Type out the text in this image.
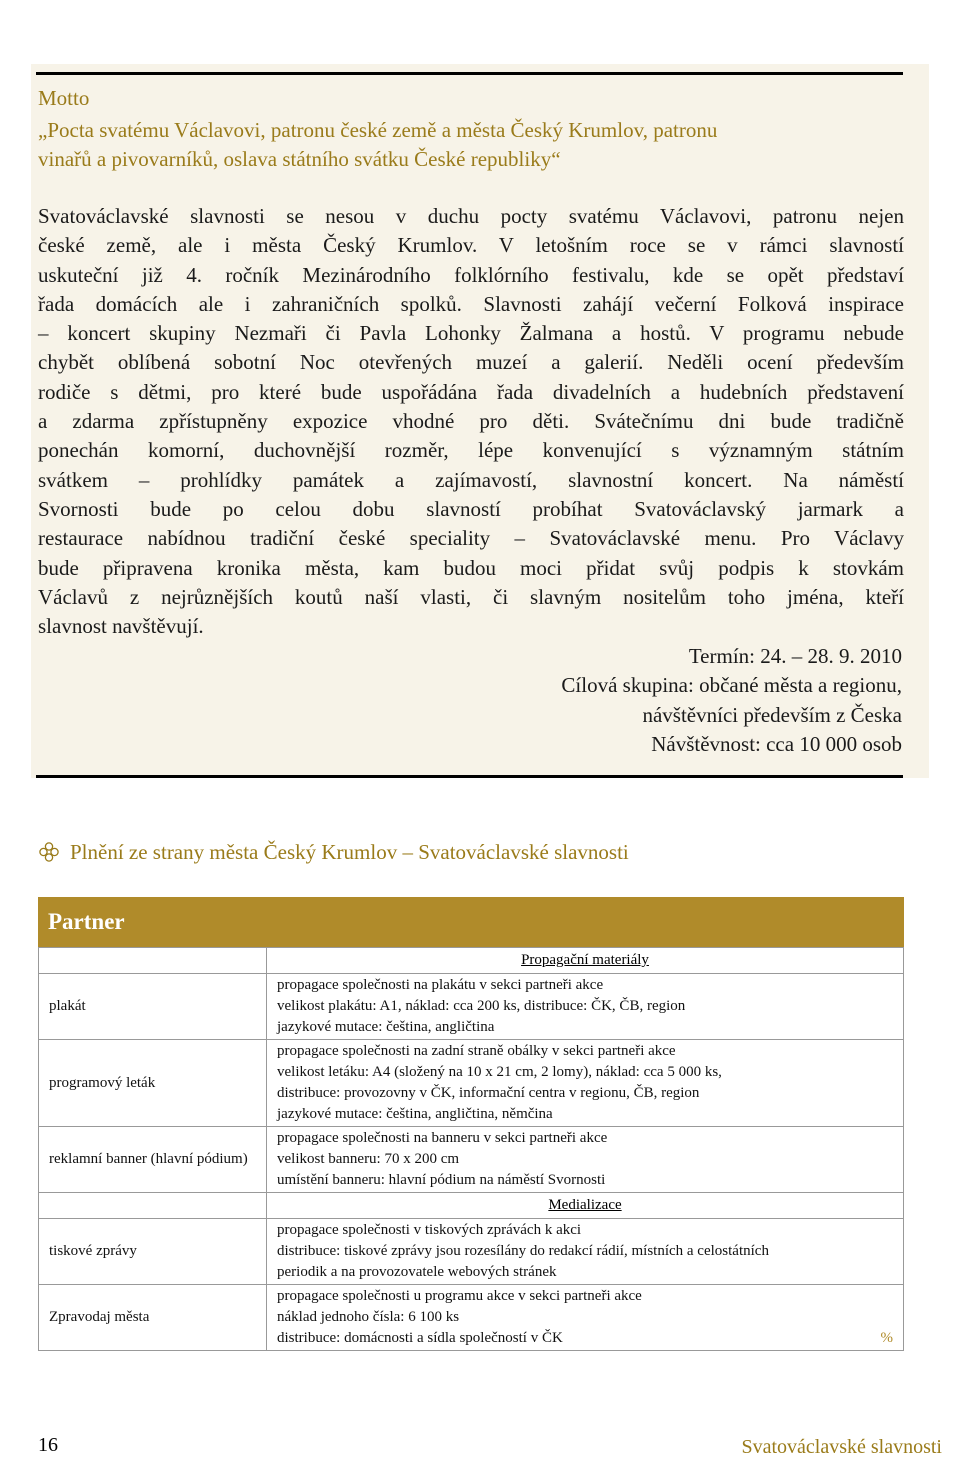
Motto
„Pocta svatému Václavovi, patronu české země a města Český Krumlov, patronu
vinařů a pivovarníků, oslava státního svátku České republiky“
Svatováclavské slavnosti se nesou v duchu pocty svatému Václavovi, patronu nejen
české země, ale i města Český Krumlov. V letošním roce se v rámci slavností
uskuteční již 4. ročník Mezinárodního folklórního festivalu, kde se opět představí
řada domácích ale i zahraničních spolků. Slavnosti zahájí večerní Folková inspirace
– koncert skupiny Nezmaři či Pavla Lohonky Žalmana a hostů. V programu nebude
chybět oblíbená sobotní Noc otevřených muzeí a galerií. Neděli ocení především
rodiče s dětmi, pro které bude uspořádána řada divadelních a hudebních představení
a zdarma zpřístupněny expozice vhodné pro děti. Svátečnímu dni bude tradičně
ponechán komorní, duchovnější rozměr, lépe konvenující s významným státním
svátkem – prohlídky památek a zajímavostí, slavnostní koncert. Na náměstí
Svornosti bude po celou dobu slavností probíhat Svatováclavský jarmark a
restaurace nabídnou tradiční české speciality – Svatováclavské menu. Pro Václavy
bude připravena kronika města, kam budou moci přidat svůj podpis k stovkám
Václavů z nejrůznějších koutů naší vlasti, či slavným nositelům toho jména, kteří
slavnost navštěvují.
Termín: 24. – 28. 9. 2010
Cílová skupina: občané města a regionu,
návštěvníci především z Česka
Návštěvnost: cca 10 000 osob
Plnění ze strany města Český Krumlov – Svatováclavské slavnosti
Partner
	Propagační materiály
plakát	propagace společnosti na plakátu v sekci partneři akce
velikost plakátu: A1, náklad: cca 200 ks, distribuce: ČK, ČB, region
jazykové mutace: čeština, angličtina

programový leták	propagace společnosti na zadní straně obálky v sekci partneři akce
velikost letáku: A4 (složený na 10 x 21 cm, 2 lomy), náklad: cca 5 000 ks,
distribuce: provozovny v ČK, informační centra v regionu, ČB, region
jazykové mutace: čeština, angličtina, němčina

reklamní banner (hlavní pódium)	propagace společnosti na banneru v sekci partneři akce
velikost banneru: 70 x 200 cm
umístění banneru: hlavní pódium na náměstí Svornosti

	Medializace
tiskové zprávy	propagace společnosti v tiskových zprávách k akci
distribuce: tiskové zprávy jsou rozesílány do redakcí rádií, místních a celostátních
periodik a na provozovatele webových stránek

Zpravodaj města	propagace společnosti u programu akce v sekci partneři akce
náklad jednoho čísla: 6 100 ks
distribuce: domácnosti a sídla společností v ČK %
16	Svatováclavské slavnosti
